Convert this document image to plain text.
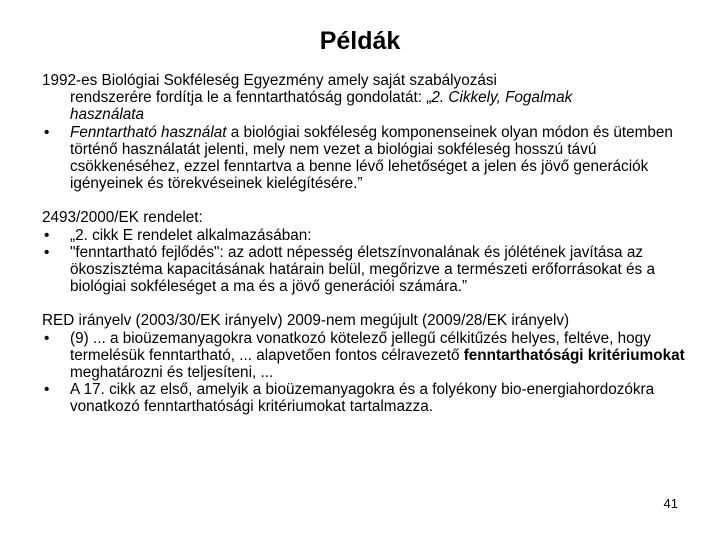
Példák
1992-es Biológiai Sokféleség Egyezmény amely saját szabályozási
rendszerére fordítja le a fenntarthatóság gondolatát: „2. Cikkely, Fogalmak
használata
•	Fenntartható használat a biológiai sokféleség komponenseinek olyan módon és ütemben történő használatát jelenti, mely nem vezet a biológiai sokféleség hosszú távú csökkenéséhez, ezzel fenntartva a benne lévő lehetőséget a jelen és jövő generációk igényeinek és törekvéseinek kielégítésére.”
2493/2000/EK rendelet:
•	„2. cikk E rendelet alkalmazásában:
•	"fenntartható fejlődés": az adott népesség életszínvonalának és jólétének javítása az ökoszisztéma kapacitásának határain belül, megőrizve a természeti erőforrásokat és a biológiai sokféleséget a ma és a jövő generációi számára.”
RED irányelv (2003/30/EK irányelv) 2009-nem megújult (2009/28/EK irányelv)
•	(9) ... a bioüzemanyagokra vonatkozó kötelező jellegű célkitűzés helyes, feltéve, hogy termelésük fenntartható, ... alapvetően fontos célravezető fenntarthatósági kritériumokat meghatározni és teljesíteni, ...
•	A 17. cikk az első, amelyik a bioüzemanyagokra és a folyékony bio-energiahordozókra vonatkozó fenntarthatósági kritériumokat tartalmazza.
41
